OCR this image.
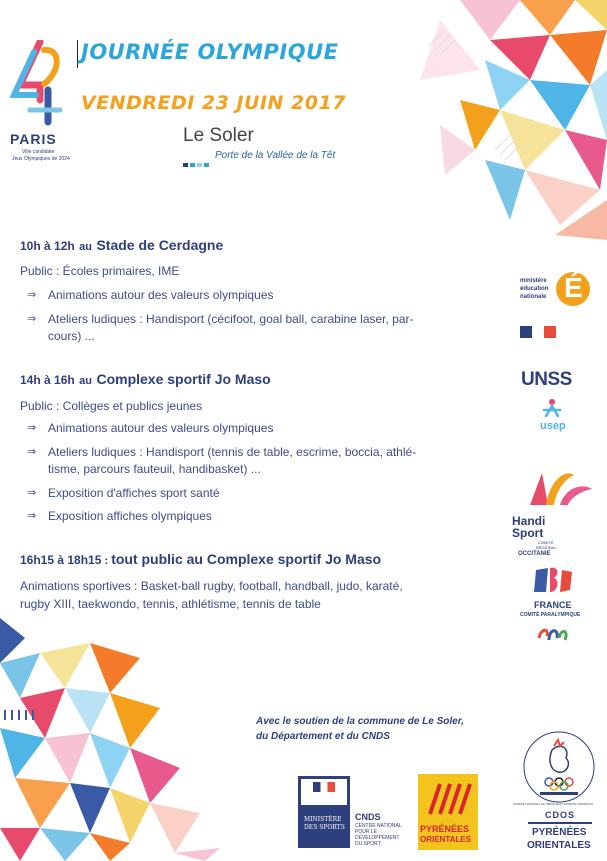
PARIS
Ville candidate
Jeux Olympiques de 2024
JOURNÉE OLYMPIQUE
VENDREDI 23 JUIN 2017
Le Soler
Porte de la Vallée de la Têt
10h à 12h au Stade de Cerdagne
Public : Écoles primaires, IME
⇒ Animations autour des valeurs olympiques
⇒ Ateliers ludiques : Handisport (cécifoot, goal ball, carabine laser, par-
cours) ...
14h à 16h au Complexe sportif Jo Maso
Public : Collèges et publics jeunes
⇒ Animations autour des valeurs olympiques
⇒ Ateliers ludiques : Handisport (tennis de table, escrime, boccia, athlé-
tisme, parcours fauteuil, handibasket) ...
⇒ Exposition d'affiches sport santé
⇒ Exposition affiches olympiques
16h15 à 18h15 : tout public au Complexe sportif Jo Maso
Animations sportives : Basket-ball rugby, football, handball, judo, karaté,
rugby XIII, taekwondo, tennis, athlétisme, tennis de table
Avec le soutien de la commune de Le Soler,
du Département et du CNDS
ministère
éducation
nationale É
UNSS
usep
Handi
Sport
COMITÉ
RÉGIONAL
OCCITANIE
FRANCE
COMITÉ PARALYMPIQUE
MINISTÈRE
DES SPORTS
CNDS
CENTRE NATIONAL
POUR LE
DÉVELOPPEMENT
DU SPORT
PYRÉNÉES
ORIENTALES
COMITÉ NATIONAL OLYMPIQUE ET SPORTIF FRANÇAIS
CDOS
PYRÉNÉES
ORIENTALES
